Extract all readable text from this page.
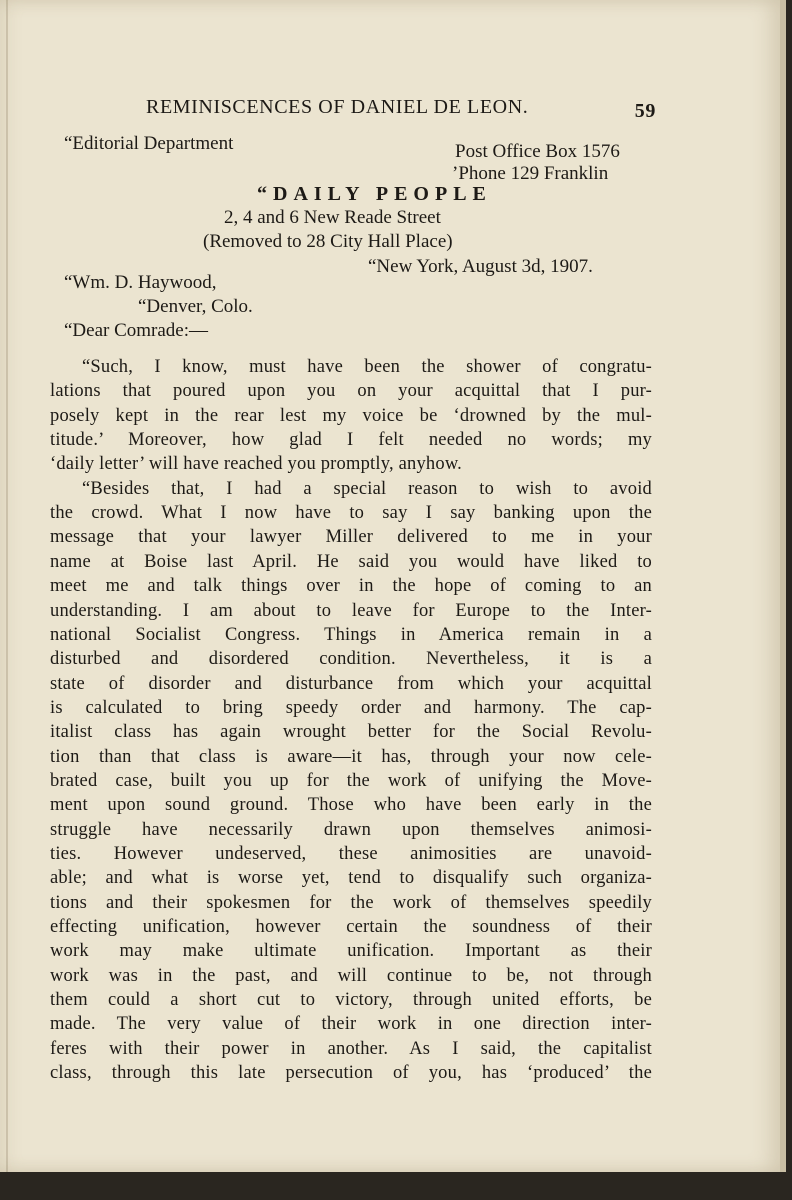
REMINISCENCES OF DANIEL DE LEON.	59
“Editorial Department	Post Office Box 1576
’Phone 129 Franklin
“DAILY PEOPLE
2, 4 and 6 New Reade Street
(Removed to 28 City Hall Place)
“New York, August 3d, 1907.
“Wm. D. Haywood,
“Denver, Colo.
“Dear Comrade:—
“Such, I know, must have been the shower of congratu-
lations that poured upon you on your acquittal that I pur-
posely kept in the rear lest my voice be ‘drowned by the mul-
titude.’ Moreover, how glad I felt needed no words; my
‘daily letter’ will have reached you promptly, anyhow.
“Besides that, I had a special reason to wish to avoid
the crowd. What I now have to say I say banking upon the
message that your lawyer Miller delivered to me in your
name at Boise last April. He said you would have liked to
meet me and talk things over in the hope of coming to an
understanding. I am about to leave for Europe to the Inter-
national Socialist Congress. Things in America remain in a
disturbed and disordered condition. Nevertheless, it is a
state of disorder and disturbance from which your acquittal
is calculated to bring speedy order and harmony. The cap-
italist class has again wrought better for the Social Revolu-
tion than that class is aware—it has, through your now cele-
brated case, built you up for the work of unifying the Move-
ment upon sound ground. Those who have been early in the
struggle have necessarily drawn upon themselves animosi-
ties. However undeserved, these animosities are unavoid-
able; and what is worse yet, tend to disqualify such organiza-
tions and their spokesmen for the work of themselves speedily
effecting unification, however certain the soundness of their
work may make ultimate unification. Important as their
work was in the past, and will continue to be, not through
them could a short cut to victory, through united efforts, be
made. The very value of their work in one direction inter-
feres with their power in another. As I said, the capitalist
class, through this late persecution of you, has ‘produced’ the
